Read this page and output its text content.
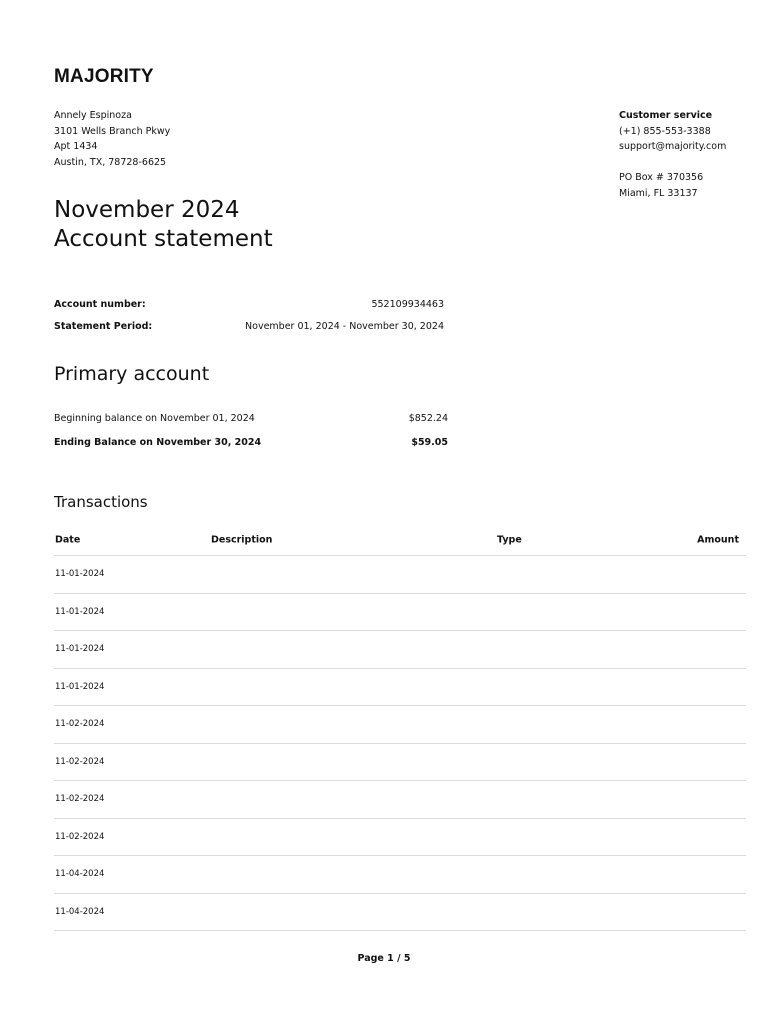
MAJORITY
Annely Espinoza
3101 Wells Branch Pkwy
Apt 1434
Austin, TX, 78728-6625
Customer service
(+1) 855-553-3388
support@majority.com
PO Box # 370356
Miami, FL 33137
November 2024
Account statement
Account number:	552109934463
Statement Period:	November 01, 2024 - November 30, 2024
Primary account
Beginning balance on November 01, 2024	$852.24
Ending Balance on November 30, 2024	$59.05
Transactions
Date	Description	Type	Amount
11-01-2024
11-01-2024
11-01-2024
11-01-2024
11-02-2024
11-02-2024
11-02-2024
11-02-2024
11-04-2024
11-04-2024
Page 1 / 5
